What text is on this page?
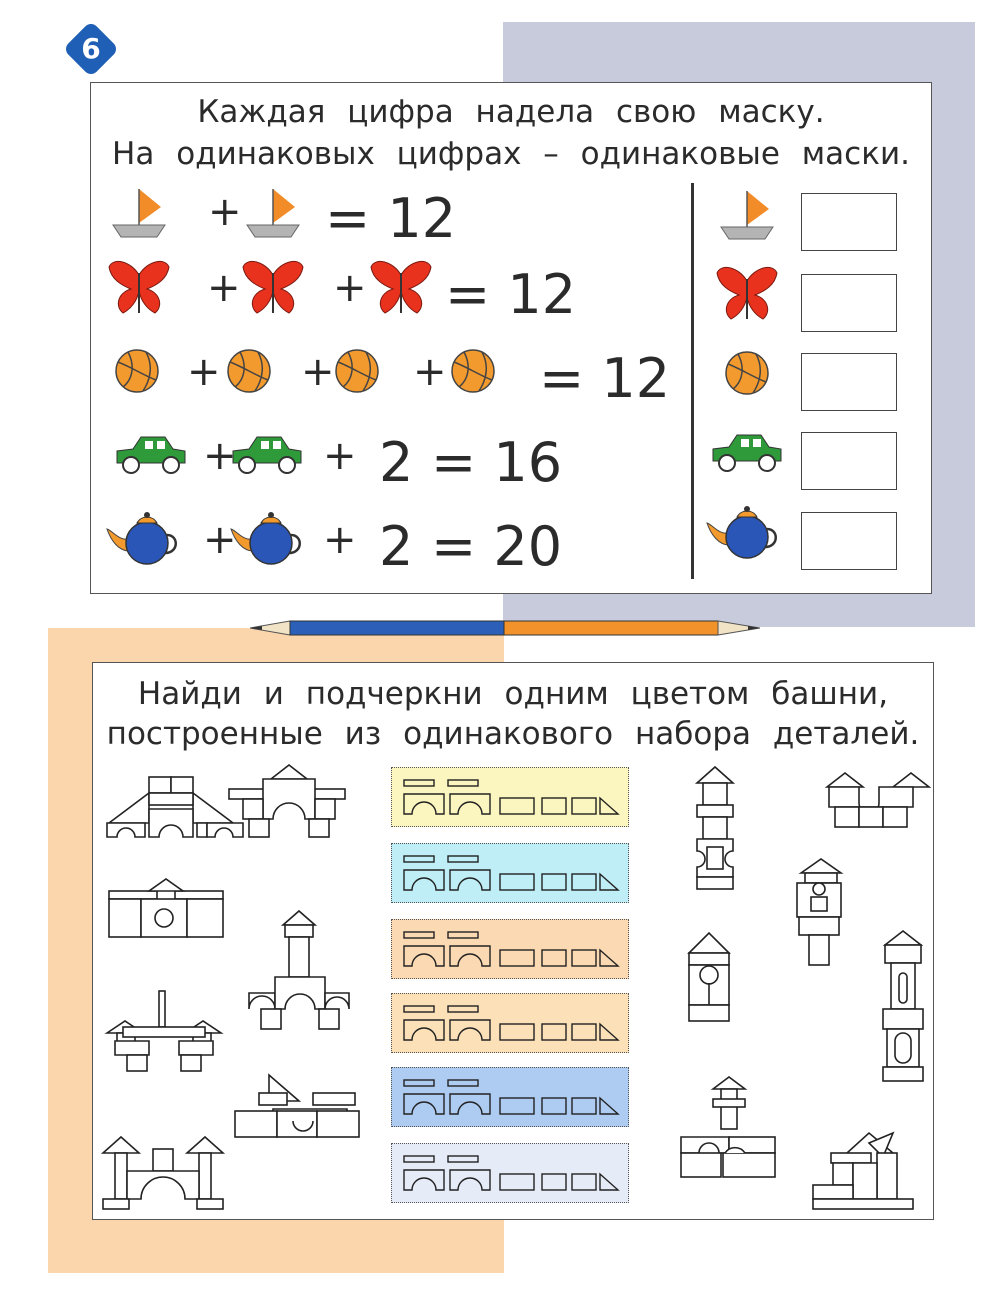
6
Каждая цифра надела свою маску.
На одинаковых цифрах – одинаковые маски.
+ = 12
+ + = 12
+ + + = 12
+ + 2 = 16
+ + 2 = 20
Найди и подчеркни одним цветом башни,
построенные из одинакового набора деталей.
